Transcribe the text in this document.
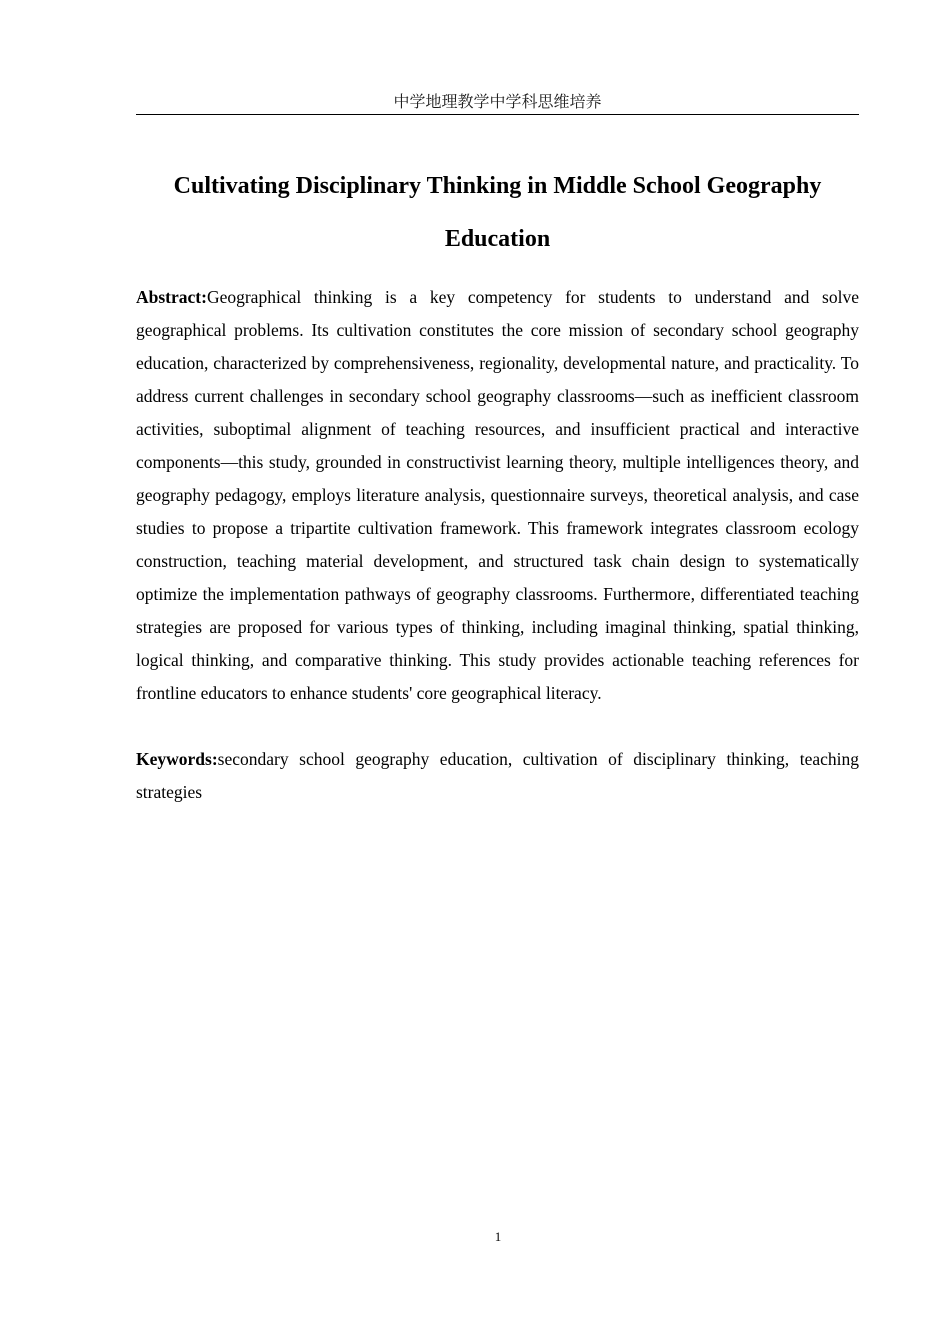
中学地理教学中学科思维培养
Cultivating Disciplinary Thinking in Middle School Geography Education

Abstract:Geographical thinking is a key competency for students to understand and solve geographical problems. Its cultivation constitutes the core mission of secondary school geography education, characterized by comprehensiveness, regionality, developmental nature, and practicality. To address current challenges in secondary school geography classrooms—such as inefficient classroom activities, suboptimal alignment of teaching resources, and insufficient practical and interactive components—this study, grounded in constructivist learning theory, multiple intelligences theory, and geography pedagogy, employs literature analysis, questionnaire surveys, theoretical analysis, and case studies to propose a tripartite cultivation framework. This framework integrates classroom ecology construction, teaching material development, and structured task chain design to systematically optimize the implementation pathways of geography classrooms. Furthermore, differentiated teaching strategies are proposed for various types of thinking, including imaginal thinking, spatial thinking, logical thinking, and comparative thinking. This study provides actionable teaching references for frontline educators to enhance students' core geographical literacy.

Keywords:secondary school geography education, cultivation of disciplinary thinking, teaching strategies

1
